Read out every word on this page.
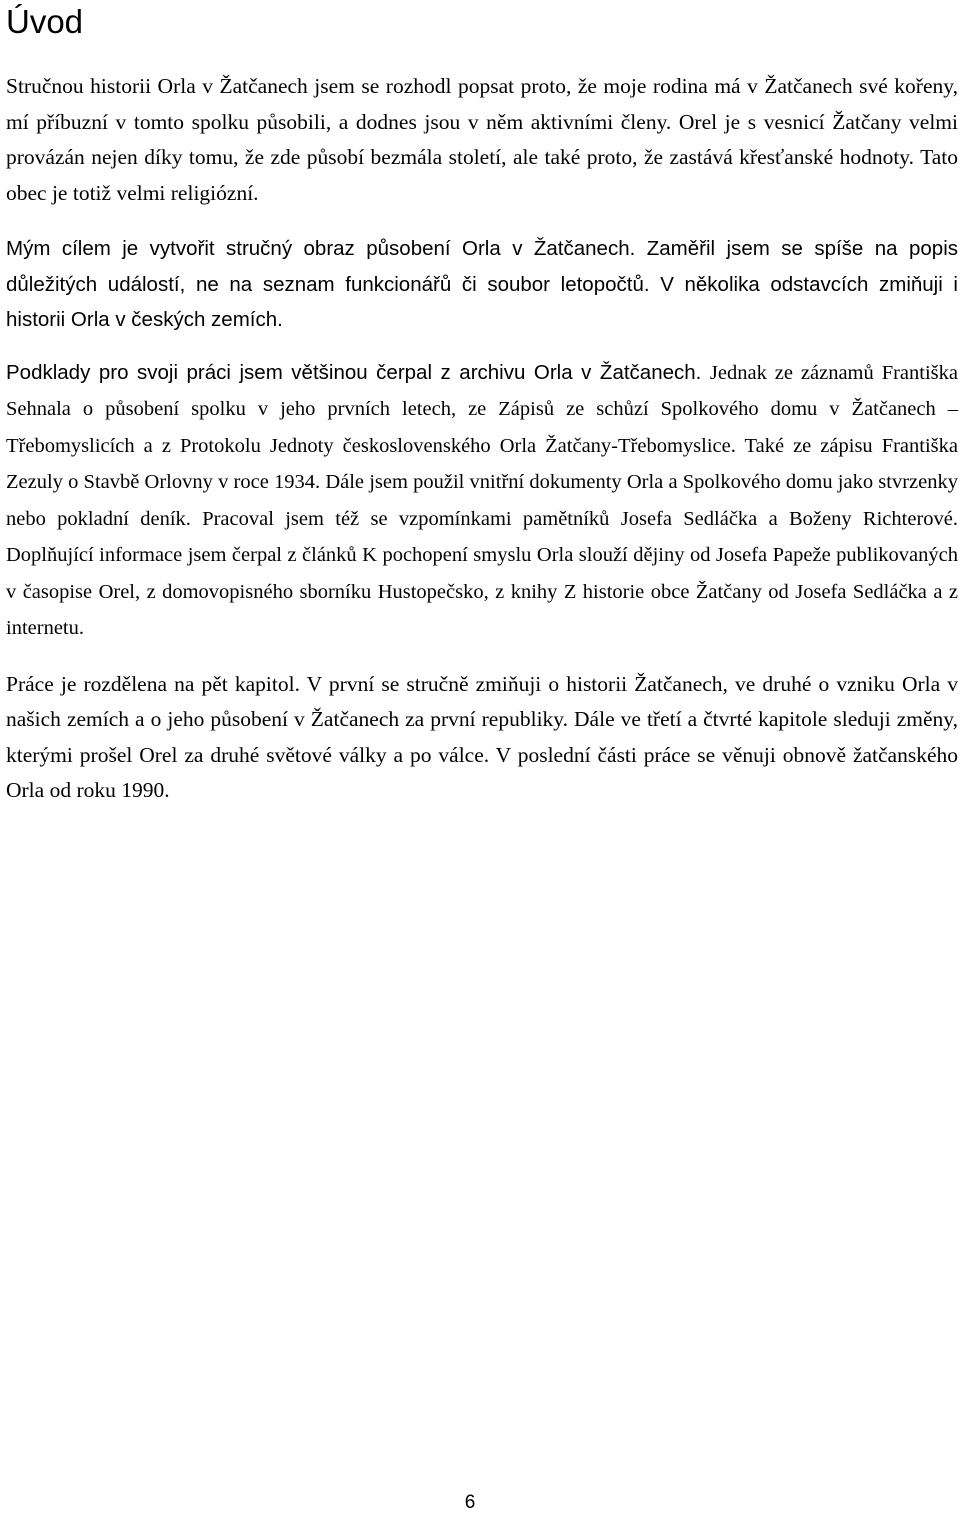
Úvod

Stručnou historii Orla v Žatčanech jsem se rozhodl popsat proto, že moje rodina má v Žatčanech své kořeny, mí příbuzní v tomto spolku působili, a dodnes jsou v něm aktivními členy. Orel je s vesnicí Žatčany velmi provázán nejen díky tomu, že zde působí bezmála století, ale také proto, že zastává křesťanské hodnoty. Tato obec je totiž velmi religiózní.

Mým cílem je vytvořit stručný obraz působení Orla v Žatčanech. Zaměřil jsem se spíše na popis důležitých událostí, ne na seznam funkcionářů či soubor letopočtů. V několika odstavcích zmiňuji i historii Orla v českých zemích.

Podklady pro svoji práci jsem většinou čerpal z archivu Orla v Žatčanech. Jednak ze záznamů Františka Sehnala o působení spolku v jeho prvních letech, ze Zápisů ze schůzí Spolkového domu v Žatčanech – Třebomyslicích a z Protokolu Jednoty československého Orla Žatčany-Třebomyslice. Také ze zápisu Františka Zezuly o Stavbě Orlovny v roce 1934. Dále jsem použil vnitřní dokumenty Orla a Spolkového domu jako stvrzenky nebo pokladní deník. Pracoval jsem též se vzpomínkami pamětníků Josefa Sedláčka a Boženy Richterové. Doplňující informace jsem čerpal z článků K pochopení smyslu Orla slouží dějiny od Josefa Papeže publikovaných v časopise Orel, z domovopisného sborníku Hustopečsko, z knihy Z historie obce Žatčany od Josefa Sedláčka a z internetu.

Práce je rozdělena na pět kapitol. V první se stručně zmiňuji o historii Žatčanech, ve druhé o vzniku Orla v našich zemích a o jeho působení v Žatčanech za první republiky. Dále ve třetí a čtvrté kapitole sleduji změny, kterými prošel Orel za druhé světové války a po válce. V poslední části práce se věnuji obnově žatčanského Orla od roku 1990.

6
